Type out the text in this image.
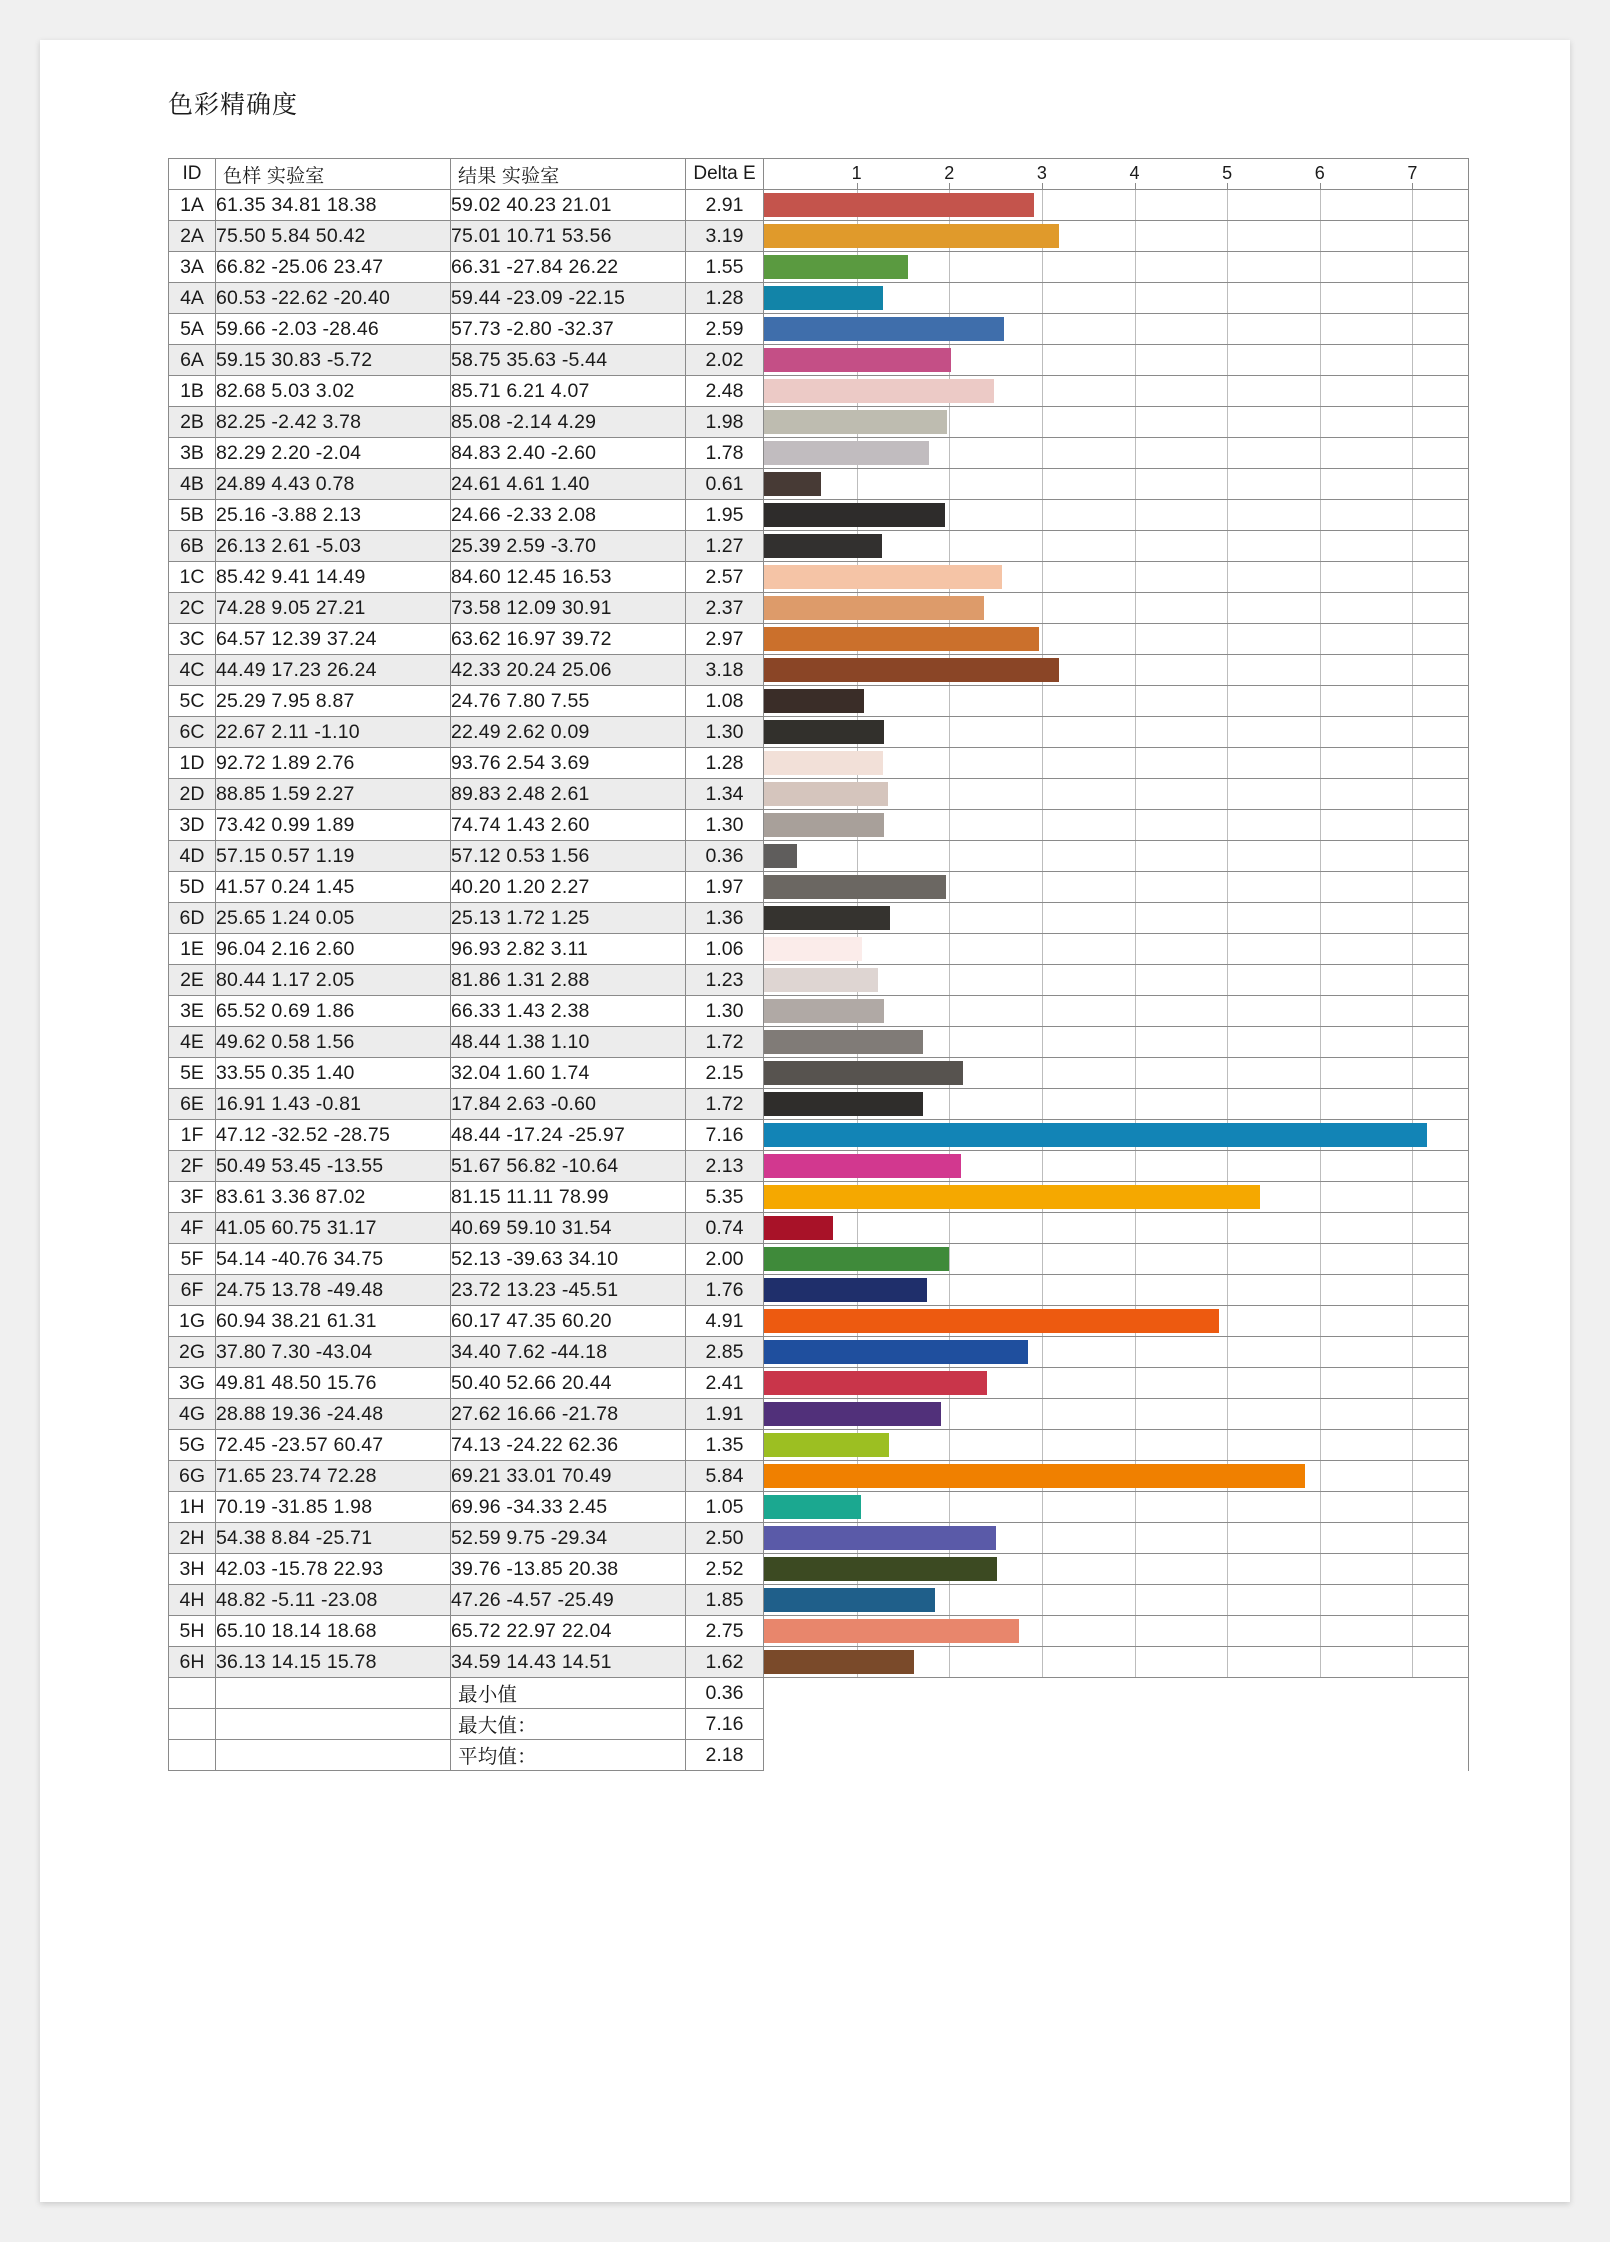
色彩精确度
ID	色样 实验室	结果 实验室	Delta E	1	2	3	4	5	6	7

1A	61.35 34.81 18.38	59.02 40.23 21.01	2.91	

2A	75.50 5.84 50.42	75.01 10.71 53.56	3.19	

3A	66.82 -25.06 23.47	66.31 -27.84 26.22	1.55	

4A	60.53 -22.62 -20.40	59.44 -23.09 -22.15	1.28	

5A	59.66 -2.03 -28.46	57.73 -2.80 -32.37	2.59	

6A	59.15 30.83 -5.72	58.75 35.63 -5.44	2.02	

1B	82.68 5.03 3.02	85.71 6.21 4.07	2.48	

2B	82.25 -2.42 3.78	85.08 -2.14 4.29	1.98	

3B	82.29 2.20 -2.04	84.83 2.40 -2.60	1.78	

4B	24.89 4.43 0.78	24.61 4.61 1.40	0.61	

5B	25.16 -3.88 2.13	24.66 -2.33 2.08	1.95	

6B	26.13 2.61 -5.03	25.39 2.59 -3.70	1.27	

1C	85.42 9.41 14.49	84.60 12.45 16.53	2.57	

2C	74.28 9.05 27.21	73.58 12.09 30.91	2.37	

3C	64.57 12.39 37.24	63.62 16.97 39.72	2.97	

4C	44.49 17.23 26.24	42.33 20.24 25.06	3.18	

5C	25.29 7.95 8.87	24.76 7.80 7.55	1.08	

6C	22.67 2.11 -1.10	22.49 2.62 0.09	1.30	

1D	92.72 1.89 2.76	93.76 2.54 3.69	1.28	

2D	88.85 1.59 2.27	89.83 2.48 2.61	1.34	

3D	73.42 0.99 1.89	74.74 1.43 2.60	1.30	

4D	57.15 0.57 1.19	57.12 0.53 1.56	0.36	

5D	41.57 0.24 1.45	40.20 1.20 2.27	1.97	

6D	25.65 1.24 0.05	25.13 1.72 1.25	1.36	

1E	96.04 2.16 2.60	96.93 2.82 3.11	1.06	

2E	80.44 1.17 2.05	81.86 1.31 2.88	1.23	

3E	65.52 0.69 1.86	66.33 1.43 2.38	1.30	

4E	49.62 0.58 1.56	48.44 1.38 1.10	1.72	

5E	33.55 0.35 1.40	32.04 1.60 1.74	2.15	

6E	16.91 1.43 -0.81	17.84 2.63 -0.60	1.72	

1F	47.12 -32.52 -28.75	48.44 -17.24 -25.97	7.16	

2F	50.49 53.45 -13.55	51.67 56.82 -10.64	2.13	

3F	83.61 3.36 87.02	81.15 11.11 78.99	5.35	

4F	41.05 60.75 31.17	40.69 59.10 31.54	0.74	

5F	54.14 -40.76 34.75	52.13 -39.63 34.10	2.00	

6F	24.75 13.78 -49.48	23.72 13.23 -45.51	1.76	

1G	60.94 38.21 61.31	60.17 47.35 60.20	4.91	

2G	37.80 7.30 -43.04	34.40 7.62 -44.18	2.85	

3G	49.81 48.50 15.76	50.40 52.66 20.44	2.41	

4G	28.88 19.36 -24.48	27.62 16.66 -21.78	1.91	

5G	72.45 -23.57 60.47	74.13 -24.22 62.36	1.35	

6G	71.65 23.74 72.28	69.21 33.01 70.49	5.84	

1H	70.19 -31.85 1.98	69.96 -34.33 2.45	1.05	

2H	54.38 8.84 -25.71	52.59 9.75 -29.34	2.50	

3H	42.03 -15.78 22.93	39.76 -13.85 20.38	2.52	

4H	48.82 -5.11 -23.08	47.26 -4.57 -25.49	1.85	

5H	65.10 18.14 18.68	65.72 22.97 22.04	2.75	

6H	36.13 14.15 15.78	34.59 14.43 14.51	1.62	

		最小值	0.36	
		最大值：	7.16	
		平均值：	2.18	
